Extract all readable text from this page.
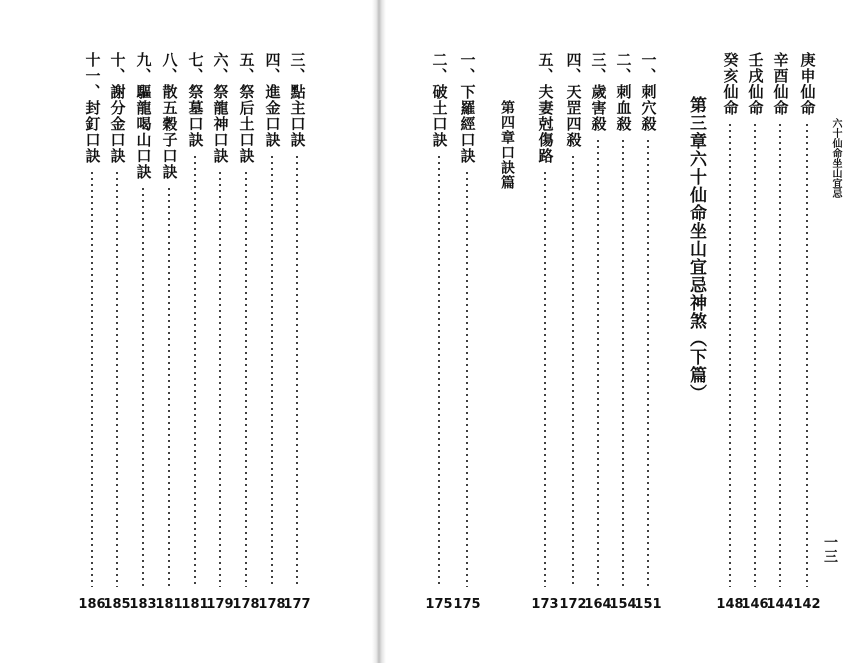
六十仙命坐山宜忌
一三
第三章六十仙命坐山宜忌神煞（下篇）
第四章口訣篇
庚申仙命
142
辛酉仙命
144
壬戌仙命
146
癸亥仙命
148
一、刺穴殺
151
二、刺血殺
154
三、歲害殺
164
四、天罡四殺
172
五、夫妻尅傷路
173
一、下羅經口訣
175
二、破土口訣
175
三、點主口訣
177
四、進金口訣
178
五、祭后土口訣
178
六、祭龍神口訣
179
七、祭墓口訣
181
八、散五穀子口訣
181
九、驅龍喝山口訣
183
十、謝分金口訣
185
十一、封釘口訣
186
